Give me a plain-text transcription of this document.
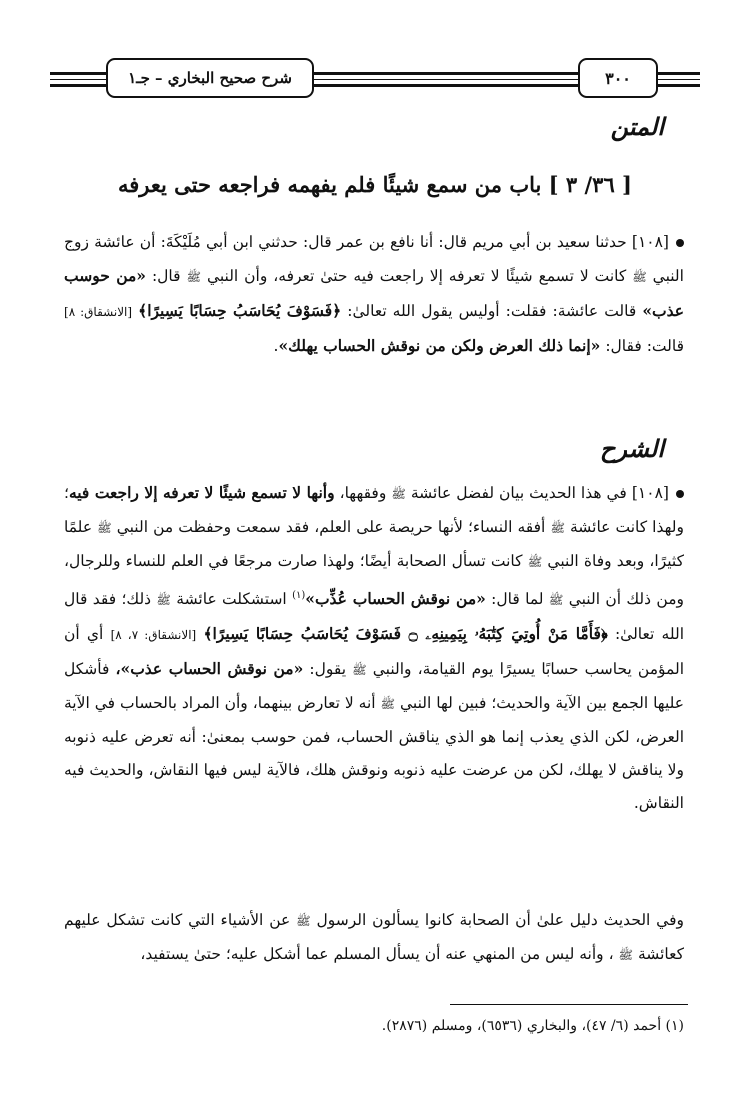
٣٠٠
شرح صحيح البخاري – جـ١
المتن
[ ٣٦/ ٣ ] باب من سمع شيئًا فلم يفهمه فراجعه حتى يعرفه
[١٠٨] حدثنا سعيد بن أبي مريم قال: أنا نافع بن عمر قال: حدثني ابن أبي مُلَيْكَةَ: أن عائشة زوج النبي ﷺ كانت لا تسمع شيئًا لا تعرفه إلا راجعت فيه حتىٰ تعرفه، وأن النبي ﷺ قال: «من حوسب عذب» قالت عائشة: فقلت: أوليس يقول الله تعالىٰ: ﴿فَسَوْفَ يُحَاسَبُ حِسَابًا يَسِيرًا﴾ [الانشقاق: ٨] قالت: فقال: «إنما ذلك العرض ولكن من نوقش الحساب يهلك».
الشرح
[١٠٨] في هذا الحديث بيان لفضل عائشة ﷺ وفقهها، وأنها لا تسمع شيئًا لا تعرفه إلا راجعت فيه؛ ولهذا كانت عائشة ﷺ أفقه النساء؛ لأنها حريصة على العلم، فقد سمعت وحفظت من النبي ﷺ علمًا كثيرًا، وبعد وفاة النبي ﷺ كانت تسأل الصحابة أيضًا؛ ولهذا صارت مرجعًا في العلم للنساء وللرجال، ومن ذلك أن النبي ﷺ لما قال: «من نوقش الحساب عُذِّب»$^{(١)}$ استشكلت عائشة ﷺ ذلك؛ فقد قال الله تعالىٰ: ﴿فَأَمَّا مَنْ أُوتِيَ كِتَٰبَهُۥ بِيَمِينِهِۦ ۝ فَسَوْفَ يُحَاسَبُ حِسَابًا يَسِيرًا﴾ [الانشقاق: ٧، ٨] أي أن المؤمن يحاسب حسابًا يسيرًا يوم القيامة، والنبي ﷺ يقول: «من نوقش الحساب عذب»، فأشكل عليها الجمع بين الآية والحديث؛ فبين لها النبي ﷺ أنه لا تعارض بينهما، وأن المراد بالحساب في الآية العرض، لكن الذي يعذب إنما هو الذي يناقش الحساب، فمن حوسب بمعنىٰ: أنه تعرض عليه ذنوبه ولا يناقش لا يهلك، لكن من عرضت عليه ذنوبه ونوقش هلك، فالآية ليس فيها النقاش، والحديث فيه النقاش.
وفي الحديث دليل علىٰ أن الصحابة كانوا يسألون الرسول ﷺ عن الأشياء التي كانت تشكل عليهم كعائشة ﷺ ، وأنه ليس من المنهي عنه أن يسأل المسلم عما أشكل عليه؛ حتىٰ يستفيد،
(١) أحمد (٦/ ٤٧)، والبخاري (٦٥٣٦)، ومسلم (٢٨٧٦).
